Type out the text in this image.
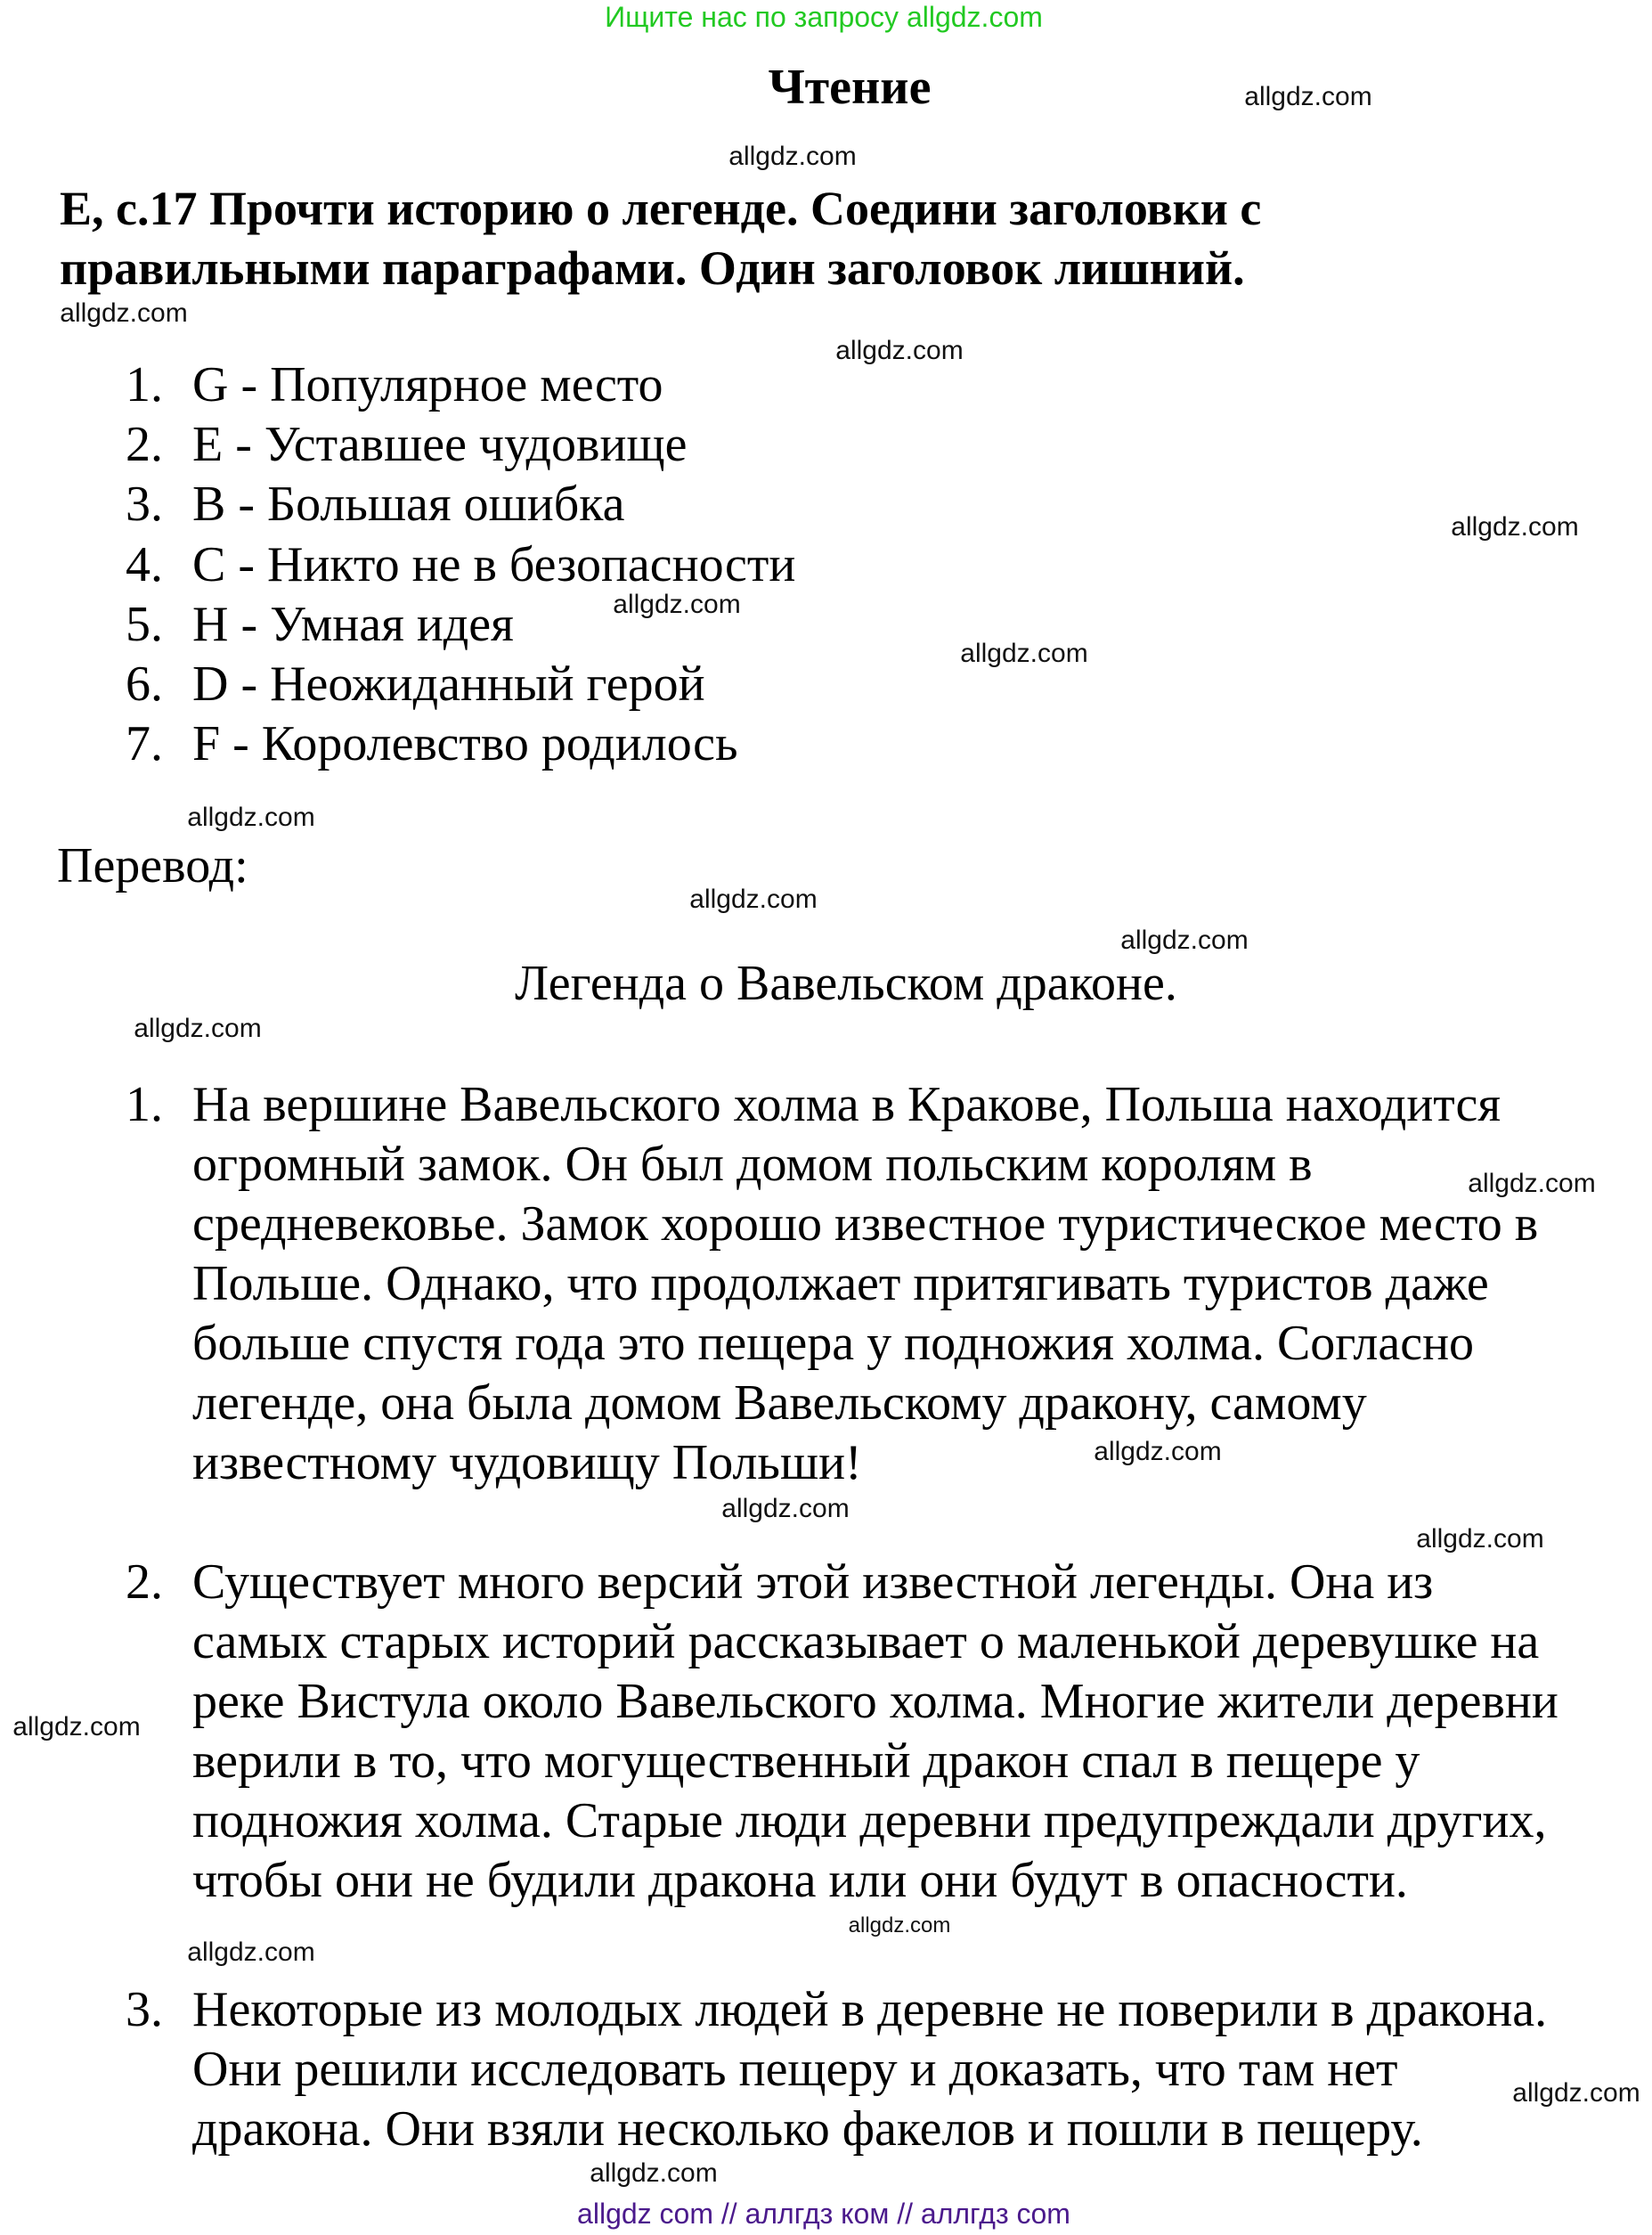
Ищите нас по запросу allgdz.com
Чтение
E, с.17 Прочти историю о легенде. Соедини заголовки с
правильными параграфами. Один заголовок лишний.
1. G - Популярное место
2. E - Уставшее чудовище
3. B - Большая ошибка
4. C - Никто не в безопасности
5. H - Умная идея
6. D - Неожиданный герой
7. F - Королевство родилось
Перевод:
Легенда о Вавельском драконе.
1. На вершине Вавельского холма в Кракове, Польша находится
огромный замок. Он был домом польским королям в
средневековье. Замок хорошо известное туристическое место в
Польше. Однако, что продолжает притягивать туристов даже
больше спустя года это пещера у подножия холма. Согласно
легенде, она была домом Вавельскому дракону, самому
известному чудовищу Польши!
2. Существует много версий этой известной легенды. Она из
самых старых историй рассказывает о маленькой деревушке на
реке Вистула около Вавельского холма. Многие жители деревни
верили в то, что могущественный дракон спал в пещере у
подножия холма. Старые люди деревни предупреждали других,
чтобы они не будили дракона или они будут в опасности.
3. Некоторые из молодых людей в деревне не поверили в дракона.
Они решили исследовать пещеру и доказать, что там нет
дракона. Они взяли несколько факелов и пошли в пещеру.
allgdz.com
allgdz.com
allgdz.com
allgdz.com
allgdz.com
allgdz.com
allgdz.com
allgdz.com
allgdz.com
allgdz.com
allgdz.com
allgdz.com
allgdz.com
allgdz.com
allgdz.com
allgdz.com
allgdz.com
allgdz.com
allgdz.com
allgdz.com
allgdz com // аллгдз ком // аллгдз com
